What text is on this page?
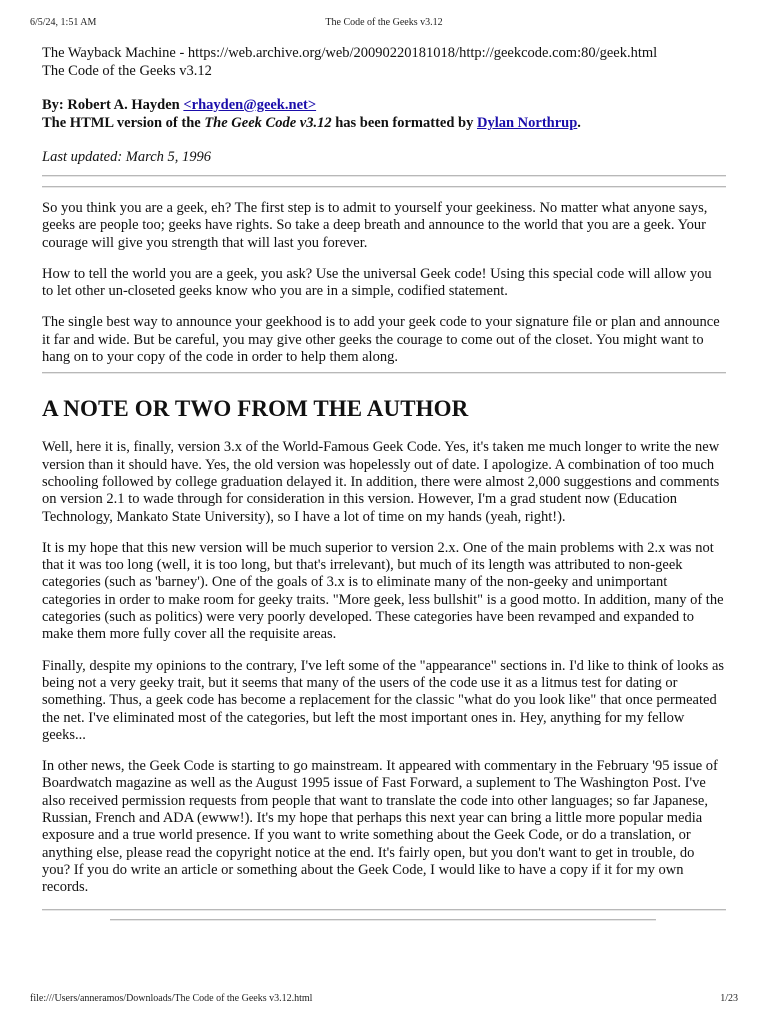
6/5/24, 1:51 AM	The Code of the Geeks v3.12

The Wayback Machine - https://web.archive.org/web/20090220181018/http://geekcode.com:80/geek.html

The Code of the Geeks v3.12

By: Robert A. Hayden <rhayden@geek.net>
The HTML version of the The Geek Code v3.12 has been formatted by Dylan Northrup.

Last updated: March 5, 1996

So you think you are a geek, eh? The first step is to admit to yourself your geekiness. No matter what anyone says, geeks are people too; geeks have rights. So take a deep breath and announce to the world that you are a geek. Your courage will give you strength that will last you forever.

How to tell the world you are a geek, you ask? Use the universal Geek code! Using this special code will allow you to let other un-closeted geeks know who you are in a simple, codified statement.

The single best way to announce your geekhood is to add your geek code to your signature file or plan and announce it far and wide. But be careful, you may give other geeks the courage to come out of the closet. You might want to hang on to your copy of the code in order to help them along.

A NOTE OR TWO FROM THE AUTHOR

Well, here it is, finally, version 3.x of the World-Famous Geek Code. Yes, it's taken me much longer to write the new version than it should have. Yes, the old version was hopelessly out of date. I apologize. A combination of too much schooling followed by college graduation delayed it. In addition, there were almost 2,000 suggestions and comments on version 2.1 to wade through for consideration in this version. However, I'm a grad student now (Education Technology, Mankato State University), so I have a lot of time on my hands (yeah, right!).

It is my hope that this new version will be much superior to version 2.x. One of the main problems with 2.x was not that it was too long (well, it is too long, but that's irrelevant), but much of its length was attributed to non-geek categories (such as 'barney'). One of the goals of 3.x is to eliminate many of the non-geeky and unimportant categories in order to make room for geeky traits. "More geek, less bullshit" is a good motto. In addition, many of the categories (such as politics) were very poorly developed. These categories have been revamped and expanded to make them more fully cover all the requisite areas.

Finally, despite my opinions to the contrary, I've left some of the "appearance" sections in. I'd like to think of looks as being not a very geeky trait, but it seems that many of the users of the code use it as a litmus test for dating or something. Thus, a geek code has become a replacement for the classic "what do you look like" that once permeated the net. I've eliminated most of the categories, but left the most important ones in. Hey, anything for my fellow geeks...

In other news, the Geek Code is starting to go mainstream. It appeared with commentary in the February '95 issue of Boardwatch magazine as well as the August 1995 issue of Fast Forward, a suplement to The Washington Post. I've also received permission requests from people that want to translate the code into other languages; so far Japanese, Russian, French and ADA (ewww!). It's my hope that perhaps this next year can bring a little more popular media exposure and a true world presence. If you want to write something about the Geek Code, or do a translation, or anything else, please read the copyright notice at the end. It's fairly open, but you don't want to get in trouble, do you? If you do write an article or something about the Geek Code, I would like to have a copy if it for my own records.

file:///Users/anneramos/Downloads/The Code of the Geeks v3.12.html	1/23
